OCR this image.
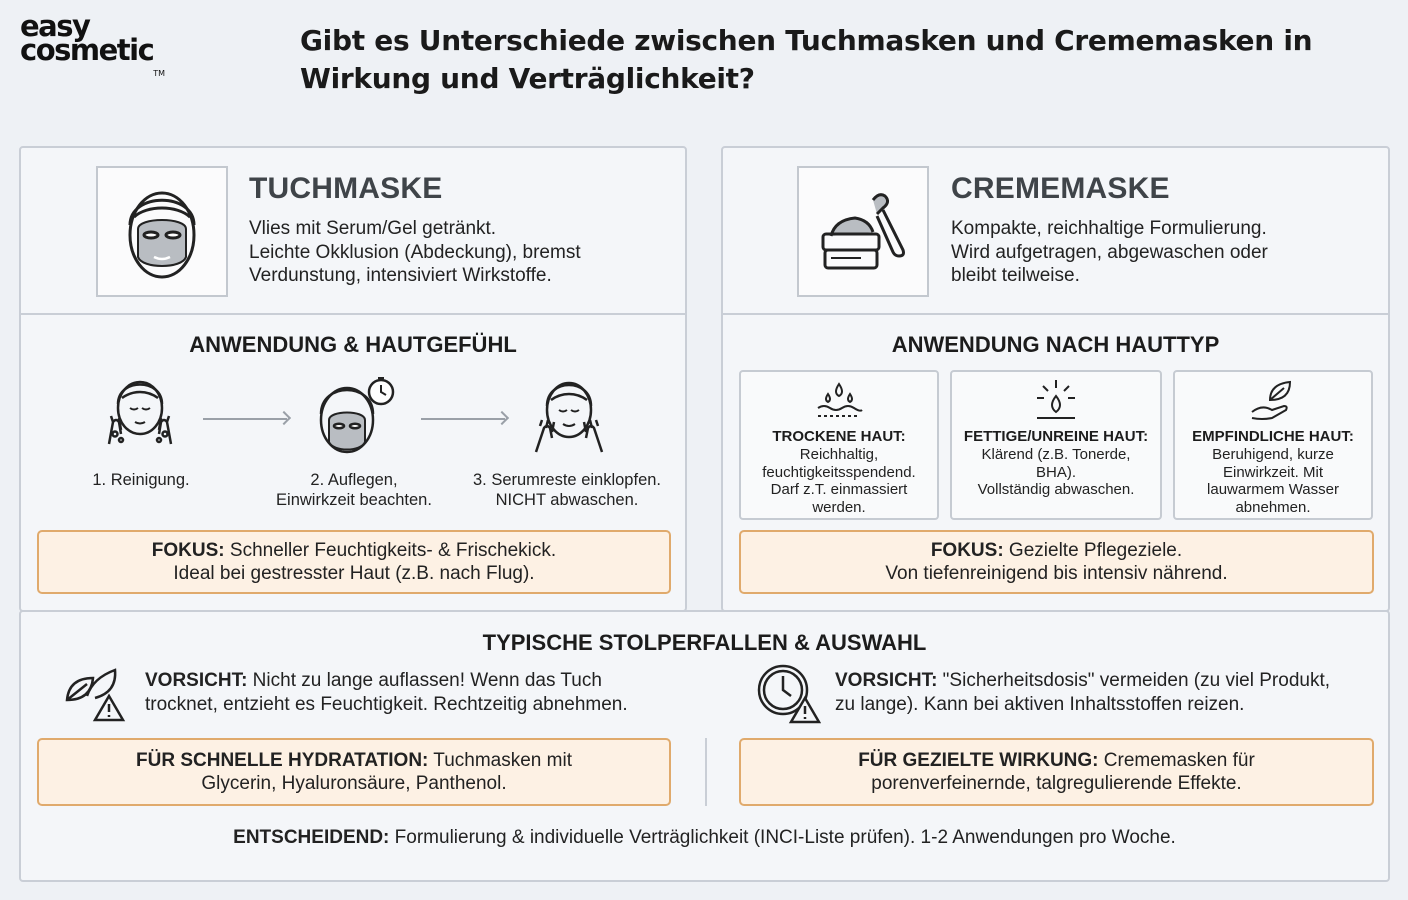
easy
cosmeticTM
Gibt es Unterschiede zwischen Tuchmasken und Crememasken in Wirkung und Verträglichkeit?
TUCHMASKE
Vlies mit Serum/Gel getränkt.
Leichte Okklusion (Abdeckung), bremst
Verdunstung, intensiviert Wirkstoffe.
ANWENDUNG & HAUTGEFÜHL
1. Reinigung.	2. Auflegen,
Einwirkzeit beachten.
3. Serumreste einklopfen.
NICHT abwaschen.
FOKUS: Schneller Feuchtigkeits- & Frischekick.
Ideal bei gestresster Haut (z.B. nach Flug).
CREMEMASKE
Kompakte, reichhaltige Formulierung.
Wird aufgetragen, abgewaschen oder
bleibt teilweise.
ANWENDUNG NACH HAUTTYP
TROCKENE HAUT:
Reichhaltig,
feuchtigkeitsspendend.
Darf z.T. einmassiert
werden.
FETTIGE/UNREINE HAUT:
Klärend (z.B. Tonerde,
BHA).
Vollständig abwaschen.
EMPFINDLICHE HAUT:
Beruhigend, kurze
Einwirkzeit. Mit
lauwarmem Wasser
abnehmen.
FOKUS: Gezielte Pflegeziele.
Von tiefenreinigend bis intensiv nährend.
TYPISCHE STOLPERFALLEN & AUSWAHL
VORSICHT: Nicht zu lange auflassen! Wenn das Tuch
trocknet, entzieht es Feuchtigkeit. Rechtzeitig abnehmen.
VORSICHT: "Sicherheitsdosis" vermeiden (zu viel Produkt,
zu lange). Kann bei aktiven Inhaltsstoffen reizen.
FÜR SCHNELLE HYDRATATION: Tuchmasken mit
Glycerin, Hyaluronsäure, Panthenol.
FÜR GEZIELTE WIRKUNG: Crememasken für
porenverfeinernde, talgregulierende Effekte.
ENTSCHEIDEND: Formulierung & individuelle Verträglichkeit (INCI-Liste prüfen). 1-2 Anwendungen pro Woche.
